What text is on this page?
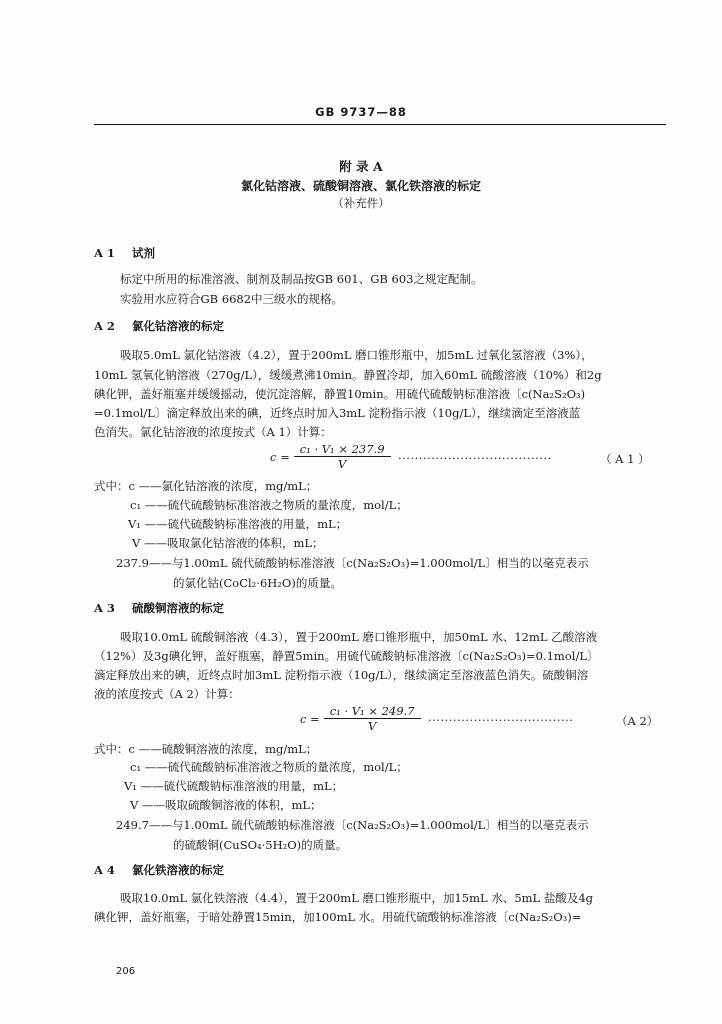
GB 9737—88
附 录 A
氯化钴溶液、硫酸铜溶液、氯化铁溶液的标定
（补充件）
A 1 试剂
标定中所用的标准溶液、制剂及制品按GB 601、GB 603之规定配制。
实验用水应符合GB 6682中三级水的规格。
A 2 氯化钴溶液的标定
吸取5.0mL 氯化钴溶液（4.2），置于200mL 磨口锥形瓶中，加5mL 过氧化氢溶液（3%），
10mL 氢氧化钠溶液（270g/L），缓缓煮沸10min。静置冷却，加入60mL 硫酸溶液（10%）和2g
碘化钾，盖好瓶塞并缓缓摇动，使沉淀溶解，静置10min。用硫代硫酸钠标准溶液〔c(Na₂S₂O₃)
=0.1mol/L〕滴定释放出来的碘，近终点时加入3mL 淀粉指示液（10g/L），继续滴定至溶液蓝
色消失。氯化钴溶液的浓度按式（A 1）计算：
$c = \frac{\text{c₁ · V₁ × 237.9}}{V}$ ·····································	（ A 1 ）
式中：c ——氯化钴溶液的浓度，mg/mL；
c₁ ——硫代硫酸钠标准溶液之物质的量浓度，mol/L；
V₁ ——硫代硫酸钠标准溶液的用量，mL；
V ——吸取氯化钴溶液的体积，mL；
237.9——与1.00mL 硫代硫酸钠标准溶液〔c(Na₂S₂O₃)=1.000mol/L〕相当的以毫克表示
的氯化钴(CoCl₂·6H₂O)的质量。
A 3 硫酸铜溶液的标定
吸取10.0mL 硫酸铜溶液（4.3），置于200mL 磨口锥形瓶中，加50mL 水、12mL 乙酸溶液
（12%）及3g碘化钾，盖好瓶塞，静置5min。用硫代硫酸钠标准溶液〔c(Na₂S₂O₃)=0.1mol/L〕
滴定释放出来的碘，近终点时加3mL 淀粉指示液（10g/L），继续滴定至溶液蓝色消失。硫酸铜溶
液的浓度按式（A 2）计算：
$c = \frac{\text{c₁ · V₁ × 249.7}}{V}$ ···································	（A 2）
式中：c ——硫酸铜溶液的浓度，mg/mL；
c₁ ——硫代硫酸钠标准溶液之物质的量浓度，mol/L；
V₁ ——硫代硫酸钠标准溶液的用量，mL；
V ——吸取硫酸铜溶液的体积，mL；
249.7——与1.00mL 硫代硫酸钠标准溶液〔c(Na₂S₂O₃)=1.000mol/L〕相当的以毫克表示
的硫酸铜(CuSO₄·5H₂O)的质量。
A 4 氯化铁溶液的标定
吸取10.0mL 氯化铁溶液（4.4），置于200mL 磨口锥形瓶中，加15mL 水、5mL 盐酸及4g
碘化钾，盖好瓶塞，于暗处静置15min，加100mL 水。用硫代硫酸钠标准溶液〔c(Na₂S₂O₃)=
206
